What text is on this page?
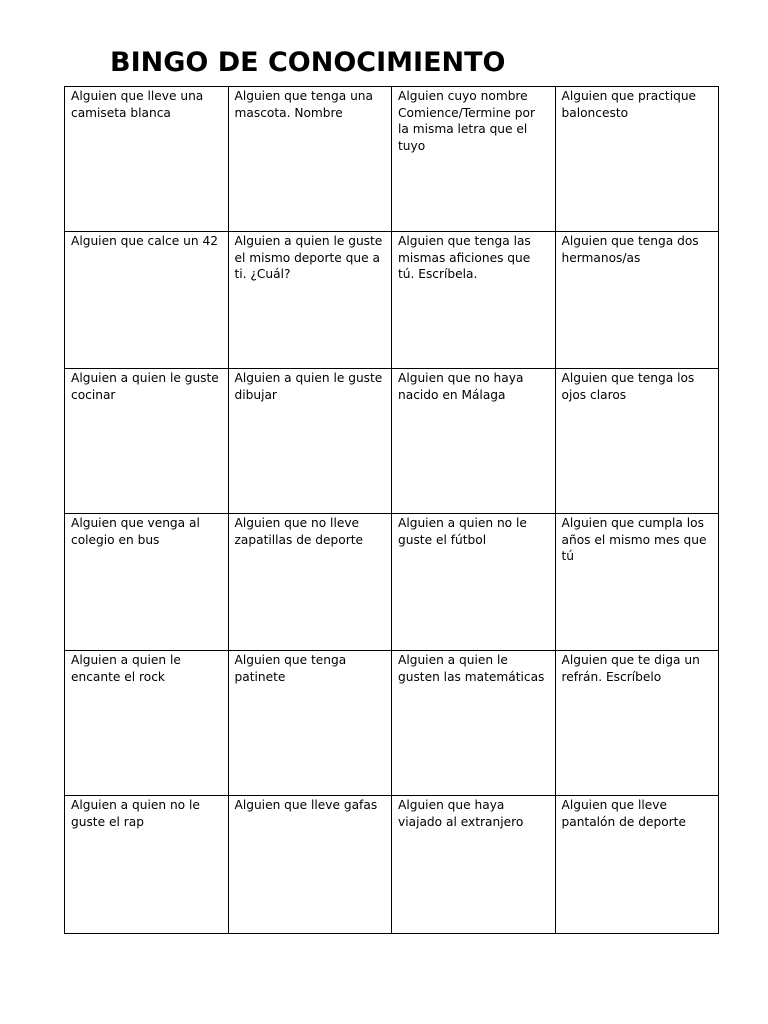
BINGO DE CONOCIMIENTO
Alguien que lleve una camiseta blanca	Alguien que tenga una mascota. Nombre	Alguien cuyo nombre Comience/Termine por la misma letra que el tuyo	Alguien que practique baloncesto
Alguien que calce un 42	Alguien a quien le guste el mismo deporte que a ti. ¿Cuál?	Alguien que tenga las mismas aficiones que tú. Escríbela.	Alguien que tenga dos hermanos/as
Alguien a quien le guste cocinar	Alguien a quien le guste dibujar	Alguien que no haya nacido en Málaga	Alguien que tenga los ojos claros
Alguien que venga al colegio en bus	Alguien que no lleve zapatillas de deporte	Alguien a quien no le guste el fútbol	Alguien que cumpla los años el mismo mes que tú
Alguien a quien le encante el rock	Alguien que tenga patinete	Alguien a quien le gusten las matemáticas	Alguien que te diga un refrán. Escríbelo
Alguien a quien no le guste el rap	Alguien que lleve gafas	Alguien que haya viajado al extranjero	Alguien que lleve pantalón de deporte
